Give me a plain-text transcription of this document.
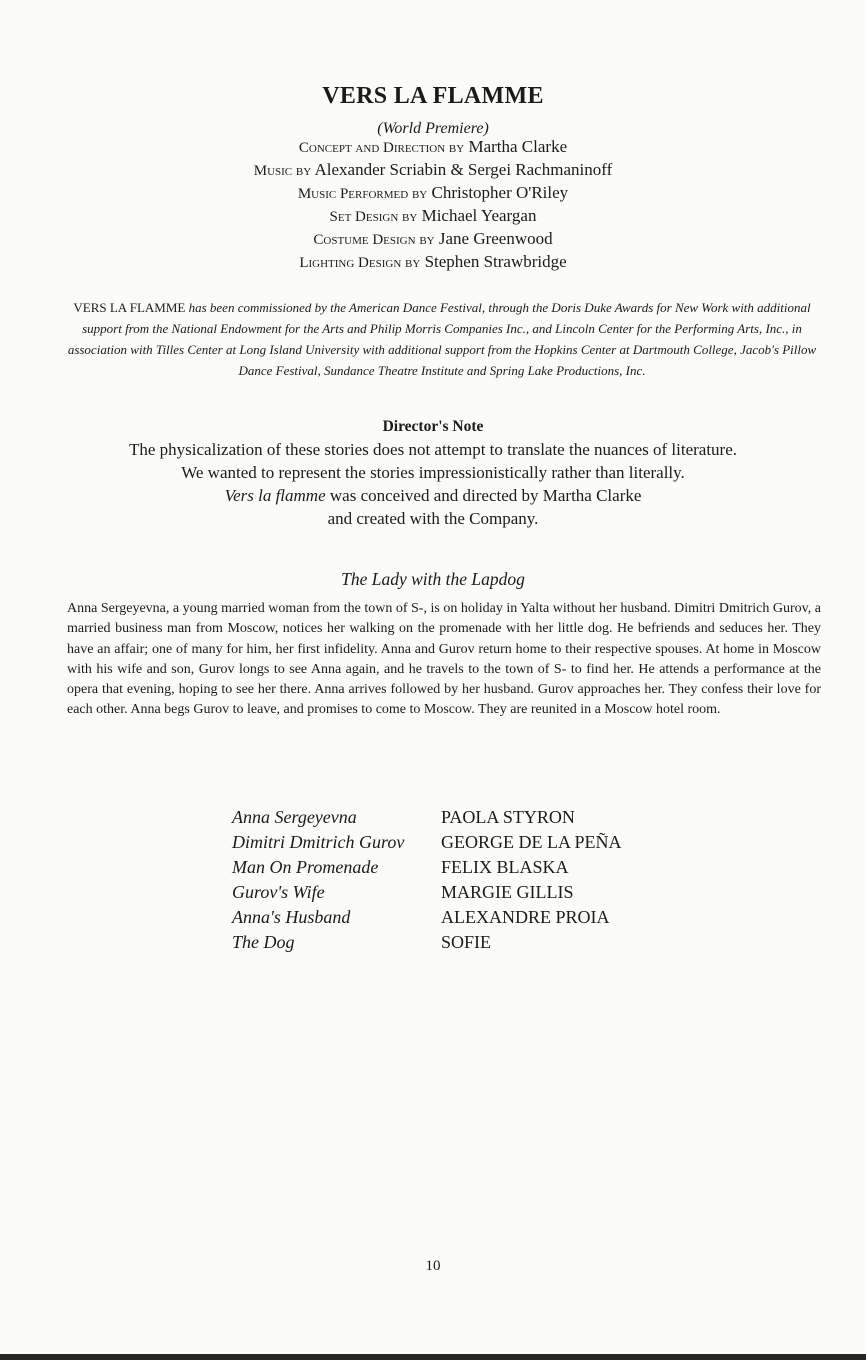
VERS LA FLAMME
(World Premiere)
Concept and Direction by Martha Clarke
Music by Alexander Scriabin & Sergei Rachmaninoff
Music Performed by Christopher O'Riley
Set Design by Michael Yeargan
Costume Design by Jane Greenwood
Lighting Design by Stephen Strawbridge
VERS LA FLAMME has been commissioned by the American Dance Festival, through the Doris Duke Awards for New Work with additional support from the National Endowment for the Arts and Philip Morris Companies Inc., and Lincoln Center for the Performing Arts, Inc., in association with Tilles Center at Long Island University with additional support from the Hopkins Center at Dartmouth College, Jacob's Pillow Dance Festival, Sundance Theatre Institute and Spring Lake Productions, Inc.
Director's Note
The physicalization of these stories does not attempt to translate the nuances of literature.
We wanted to represent the stories impressionistically rather than literally.
Vers la flamme was conceived and directed by Martha Clarke
and created with the Company.
The Lady with the Lapdog
Anna Sergeyevna, a young married woman from the town of S-, is on holiday in Yalta without her husband. Dimitri Dmitrich Gurov, a married business man from Moscow, notices her walking on the promenade with her little dog. He befriends and seduces her. They have an affair; one of many for him, her first infidelity. Anna and Gurov return home to their respective spouses. At home in Moscow with his wife and son, Gurov longs to see Anna again, and he travels to the town of S- to find her. He attends a performance at the opera that evening, hoping to see her there. Anna arrives followed by her husband. Gurov approaches her. They confess their love for each other. Anna begs Gurov to leave, and promises to come to Moscow. They are reunited in a Moscow hotel room.
Anna Sergeyevna	PAOLA STYRON
Dimitri Dmitrich Gurov	GEORGE DE LA PEÑA
Man On Promenade	FELIX BLASKA
Gurov's Wife	MARGIE GILLIS
Anna's Husband	ALEXANDRE PROIA
The Dog	SOFIE
10
